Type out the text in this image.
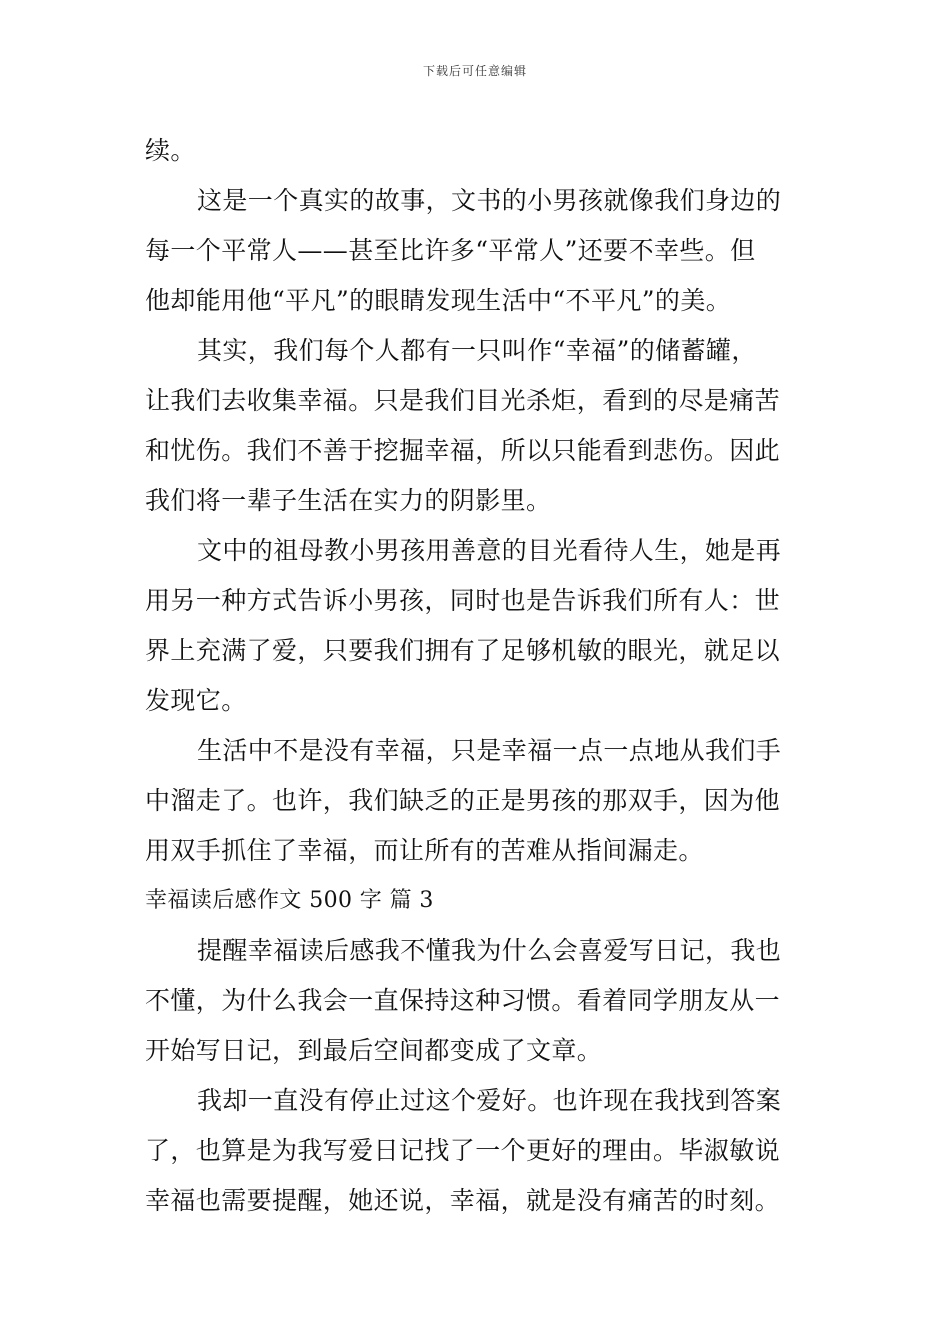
下载后可任意编辑
续。
这是一个真实的故事，文书的小男孩就像我们身边的
每一个平常人——甚至比许多“平常人”还要不幸些。但
他却能用他“平凡”的眼睛发现生活中“不平凡”的美。
其实，我们每个人都有一只叫作“幸福”的储蓄罐，
让我们去收集幸福。只是我们目光杀炬，看到的尽是痛苦
和忧伤。我们不善于挖掘幸福，所以只能看到悲伤。因此
我们将一辈子生活在实力的阴影里。
文中的祖母教小男孩用善意的目光看待人生，她是再
用另一种方式告诉小男孩，同时也是告诉我们所有人：世
界上充满了爱，只要我们拥有了足够机敏的眼光，就足以
发现它。
生活中不是没有幸福，只是幸福一点一点地从我们手
中溜走了。也许，我们缺乏的正是男孩的那双手，因为他
用双手抓住了幸福，而让所有的苦难从指间漏走。
幸福读后感作文 500 字 篇 3
提醒幸福读后感我不懂我为什么会喜爱写日记，我也
不懂，为什么我会一直保持这种习惯。看着同学朋友从一
开始写日记，到最后空间都变成了文章。
我却一直没有停止过这个爱好。也许现在我找到答案
了，也算是为我写爱日记找了一个更好的理由。毕淑敏说
幸福也需要提醒，她还说，幸福，就是没有痛苦的时刻。
